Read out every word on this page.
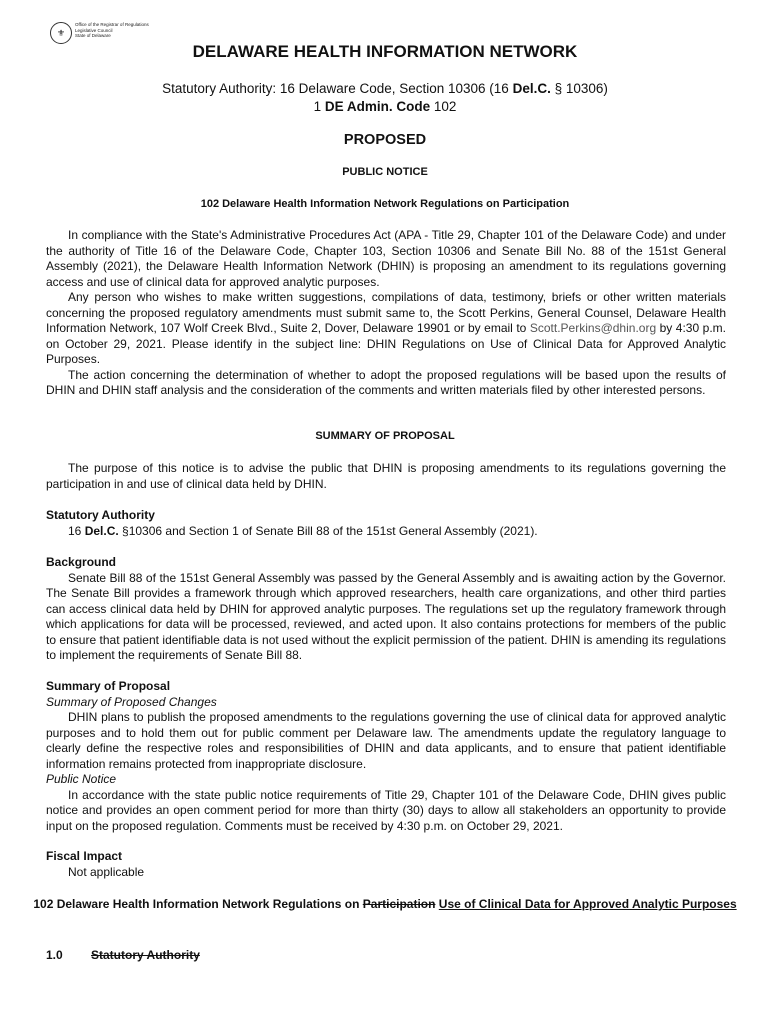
⚜
Office of the Registrar of Regulations
Legislative Council
State of Delaware
DELAWARE HEALTH INFORMATION NETWORK
Statutory Authority: 16 Delaware Code, Section 10306 (16 Del.C. § 10306)
1 DE Admin. Code 102
PROPOSED
PUBLIC NOTICE
102 Delaware Health Information Network Regulations on Participation

In compliance with the State's Administrative Procedures Act (APA - Title 29, Chapter 101 of the Delaware Code) and under the authority of Title 16 of the Delaware Code, Chapter 103, Section 10306 and Senate Bill No. 88 of the 151st General Assembly (2021), the Delaware Health Information Network (DHIN) is proposing an amendment to its regulations governing access and use of clinical data for approved analytic purposes.

Any person who wishes to make written suggestions, compilations of data, testimony, briefs or other written materials concerning the proposed regulatory amendments must submit same to, the Scott Perkins, General Counsel, Delaware Health Information Network, 107 Wolf Creek Blvd., Suite 2, Dover, Delaware 19901 or by email to Scott.Perkins@dhin.org by 4:30 p.m. on October 29, 2021. Please identify in the subject line: DHIN Regulations on Use of Clinical Data for Approved Analytic Purposes.

The action concerning the determination of whether to adopt the proposed regulations will be based upon the results of DHIN and DHIN staff analysis and the consideration of the comments and written materials filed by other interested persons.

SUMMARY OF PROPOSAL

The purpose of this notice is to advise the public that DHIN is proposing amendments to its regulations governing the participation in and use of clinical data held by DHIN.

Statutory Authority

16 Del.C. §10306 and Section 1 of Senate Bill 88 of the 151st General Assembly (2021).

Background

Senate Bill 88 of the 151st General Assembly was passed by the General Assembly and is awaiting action by the Governor. The Senate Bill provides a framework through which approved researchers, health care organizations, and other third parties can access clinical data held by DHIN for approved analytic purposes. The regulations set up the regulatory framework through which applications for data will be processed, reviewed, and acted upon. It also contains protections for members of the public to ensure that patient identifiable data is not used without the explicit permission of the patient. DHIN is amending its regulations to implement the requirements of Senate Bill 88.

Summary of Proposal

Summary of Proposed Changes

DHIN plans to publish the proposed amendments to the regulations governing the use of clinical data for approved analytic purposes and to hold them out for public comment per Delaware law. The amendments update the regulatory language to clearly define the respective roles and responsibilities of DHIN and data applicants, and to ensure that patient identifiable information remains protected from inappropriate disclosure.

Public Notice

In accordance with the state public notice requirements of Title 29, Chapter 101 of the Delaware Code, DHIN gives public notice and provides an open comment period for more than thirty (30) days to allow all stakeholders an opportunity to provide input on the proposed regulation. Comments must be received by 4:30 p.m. on October 29, 2021.

Fiscal Impact

Not applicable

102 Delaware Health Information Network Regulations on Participation Use of Clinical Data for Approved Analytic Purposes
1.0 Statutory Authority
